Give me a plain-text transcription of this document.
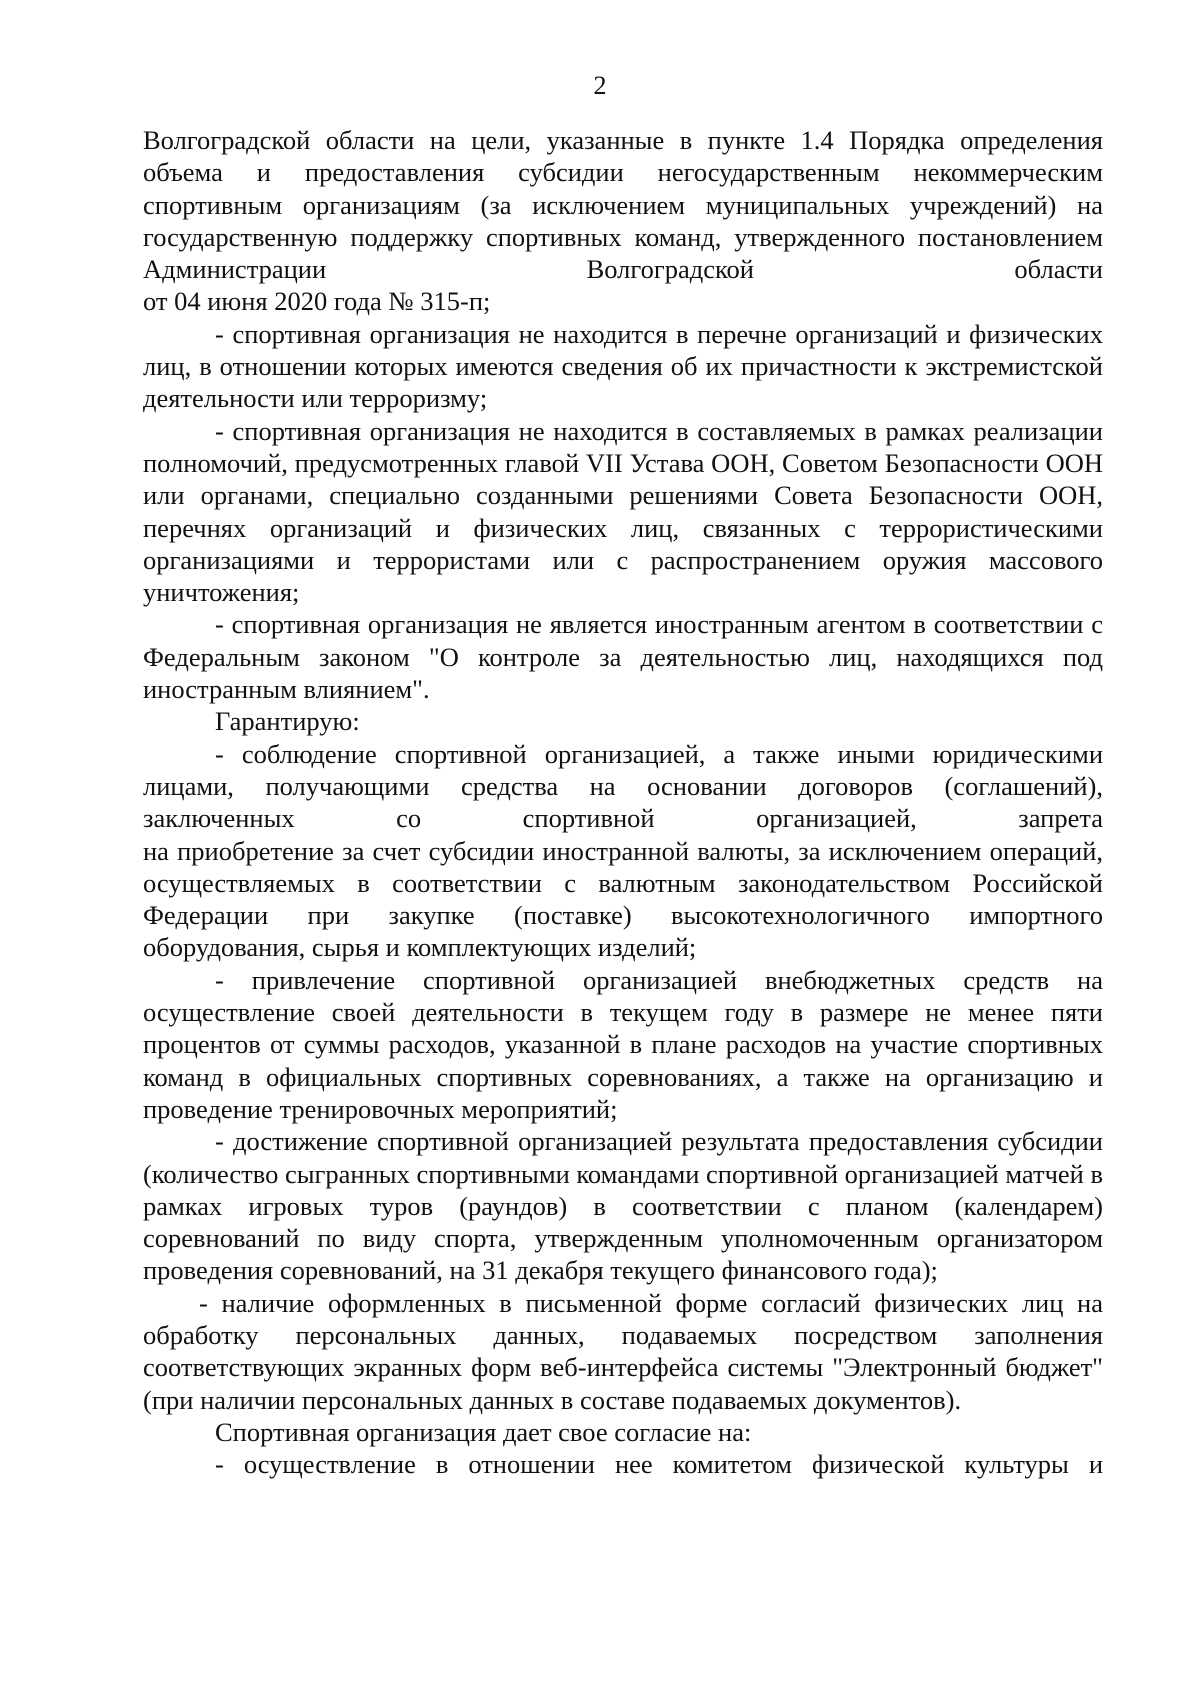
2

Волгоградской области на цели, указанные в пункте 1.4 Порядка определения объема и предоставления субсидии негосударственным некоммерческим спортивным организациям (за исключением муниципальных учреждений) на государственную поддержку спортивных команд, утвержденного постановлением Администрации Волгоградской области

от 04 июня 2020 года № 315-п;

- спортивная организация не находится в перечне организаций и физических лиц, в отношении которых имеются сведения об их причастности к экстремистской деятельности или терроризму;

- спортивная организация не находится в составляемых в рамках реализации полномочий, предусмотренных главой VII Устава ООН, Советом Безопасности ООН или органами, специально созданными решениями Совета Безопасности ООН, перечнях организаций и физических лиц, связанных с террористическими организациями и террористами или с распространением оружия массового уничтожения;

- спортивная организация не является иностранным агентом в соответствии с Федеральным законом "О контроле за деятельностью лиц, находящихся под иностранным влиянием".

Гарантирую:

- соблюдение спортивной организацией, а также иными юридическими лицами, получающими средства на основании договоров (соглашений), заключенных со спортивной организацией, запрета

на приобретение за счет субсидии иностранной валюты, за исключением операций, осуществляемых в соответствии с валютным законодательством Российской Федерации при закупке (поставке) высокотехнологичного импортного оборудования, сырья и комплектующих изделий;

- привлечение спортивной организацией внебюджетных средств на осуществление своей деятельности в текущем году в размере не менее пяти процентов от суммы расходов, указанной в плане расходов на участие спортивных команд в официальных спортивных соревнованиях, а также на организацию и проведение тренировочных мероприятий;

- достижение спортивной организацией результата предоставления субсидии (количество сыгранных спортивными командами спортивной организацией матчей в рамках игровых туров (раундов) в соответствии с планом (календарем) соревнований по виду спорта, утвержденным уполномоченным организатором проведения соревнований, на 31 декабря текущего финансового года);

- наличие оформленных в письменной форме согласий физических лиц на обработку персональных данных, подаваемых посредством заполнения соответствующих экранных форм веб-интерфейса системы "Электронный бюджет" (при наличии персональных данных в составе подаваемых документов).

Спортивная организация дает свое согласие на:

- осуществление в отношении нее комитетом физической культуры и
